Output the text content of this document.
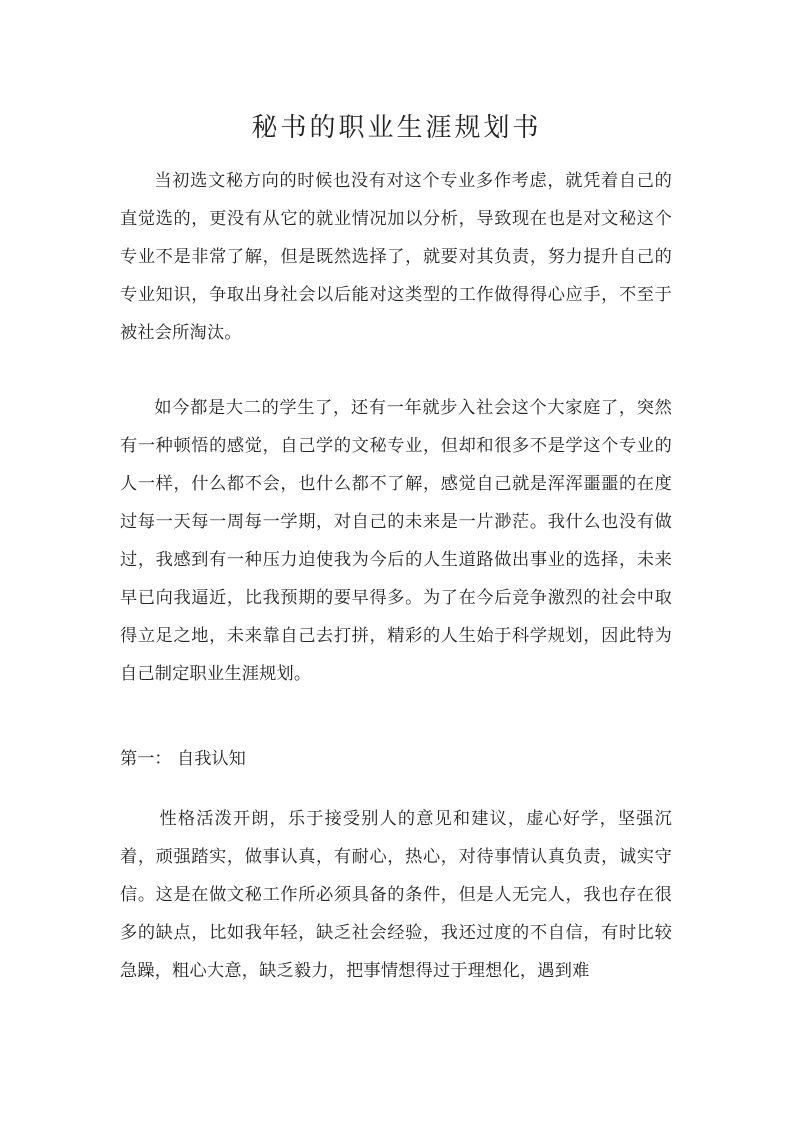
秘书的职业生涯规划书

当初选文秘方向的时候也没有对这个专业多作考虑，就凭着自己的直觉选的，更没有从它的就业情况加以分析，导致现在也是对文秘这个专业不是非常了解，但是既然选择了，就要对其负责，努力提升自己的专业知识，争取出身社会以后能对这类型的工作做得得心应手，不至于被社会所淘汰。

如今都是大二的学生了，还有一年就步入社会这个大家庭了，突然有一种顿悟的感觉，自己学的文秘专业，但却和很多不是学这个专业的人一样，什么都不会，也什么都不了解，感觉自己就是浑浑噩噩的在度过每一天每一周每一学期，对自己的未来是一片渺茫。我什么也没有做过，我感到有一种压力迫使我为今后的人生道路做出事业的选择，未来早已向我逼近，比我预期的要早得多。为了在今后竞争激烈的社会中取得立足之地，未来靠自己去打拼，精彩的人生始于科学规划，因此特为自己制定职业生涯规划。

第一： 自我认知

性格活泼开朗，乐于接受别人的意见和建议，虚心好学，坚强沉着，顽强踏实，做事认真，有耐心，热心，对待事情认真负责，诚实守信。这是在做文秘工作所必须具备的条件，但是人无完人，我也存在很多的缺点，比如我年轻，缺乏社会经验，我还过度的不自信，有时比较急躁，粗心大意，缺乏毅力，把事情想得过于理想化，遇到难
